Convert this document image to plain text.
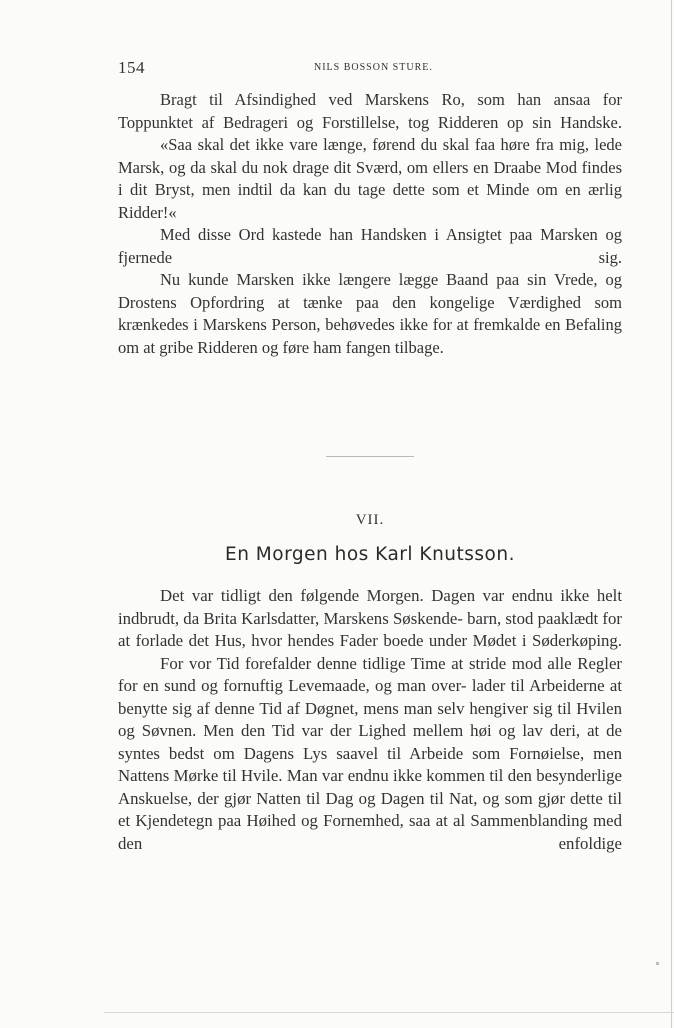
154	NILS BOSSON STURE.

Bragt til Afsindighed ved Marskens Ro, som han ansaa for Toppunktet af Bedrageri og Forstillelse, tog Ridderen op sin Handske.

«Saa skal det ikke vare længe, førend du skal faa høre fra mig, lede Marsk, og da skal du nok drage dit Sværd, om ellers en Draabe Mod findes i dit Bryst, men indtil da kan du tage dette som et Minde om en ærlig Ridder!«

Med disse Ord kastede han Handsken i Ansigtet paa Marsken og fjernede sig.

Nu kunde Marsken ikke længere lægge Baand paa sin Vrede, og Drostens Opfordring at tænke paa den kongelige Værdighed som krænkedes i Marskens Person, behøvedes ikke for at fremkalde en Befaling om at gribe Ridderen og føre ham fangen tilbage.

VII.
En Morgen hos Karl Knutsson.

Det var tidligt den følgende Morgen. Dagen var endnu ikke helt indbrudt, da Brita Karlsdatter, Marskens Søskende- barn, stod paaklædt for at forlade det Hus, hvor hendes Fader boede under Mødet i Søderkøping.

For vor Tid forefalder denne tidlige Time at stride mod alle Regler for en sund og fornuftig Levemaade, og man over- lader til Arbeiderne at benytte sig af denne Tid af Døgnet, mens man selv hengiver sig til Hvilen og Søvnen. Men den Tid var der Lighed mellem høi og lav deri, at de syntes bedst om Dagens Lys saavel til Arbeide som Fornøielse, men Nattens Mørke til Hvile. Man var endnu ikke kommen til den besynderlige Anskuelse, der gjør Natten til Dag og Dagen til Nat, og som gjør dette til et Kjendetegn paa Høihed og Fornemhed, saa at al Sammenblanding med den enfoldige
